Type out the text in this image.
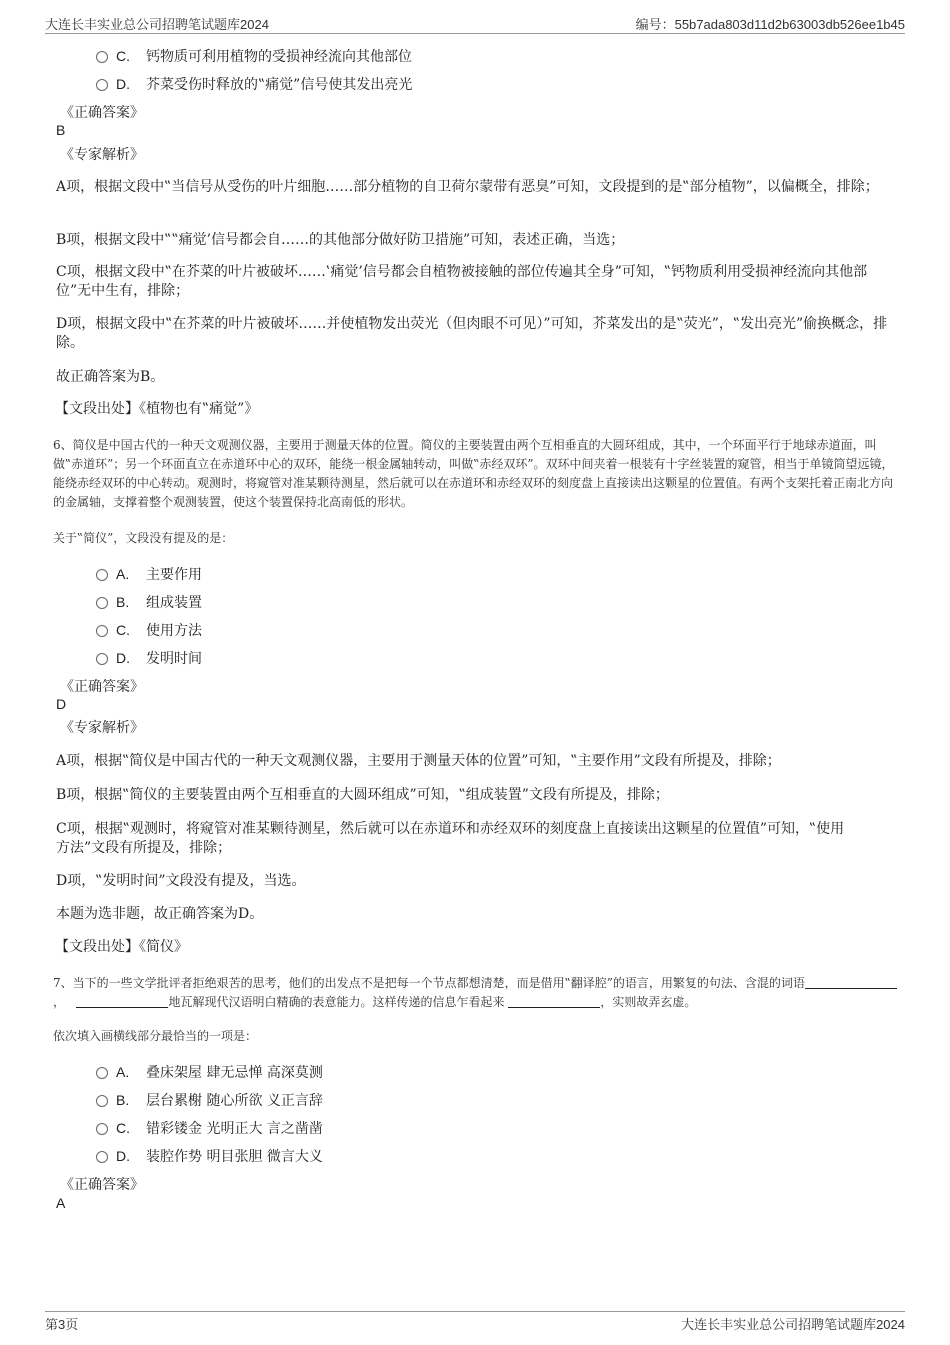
大连长丰实业总公司招聘笔试题库2024	编号：55b7ada803d11d2b63003db526ee1b45
C. 钙物质可利用植物的受损神经流向其他部位
D. 芥菜受伤时释放的‟痛觉”信号使其发出亮光
《正确答案》
B
《专家解析》
A项，根据文段中‟当信号从受伤的叶片细胞……部分植物的自卫荷尔蒙带有恶臭”可知，文段提到的是‟部分植物”，以偏概全，排除；
B项，根据文段中‟‟痛觉’信号都会自……的其他部分做好防卫措施”可知，表述正确，当选；
C项，根据文段中‟在芥菜的叶片被破坏……‛痛觉’信号都会自植物被接触的部位传遍其全身”可知，‟钙物质利用受损神经流向其他部位”无中生有，排除；
D项，根据文段中‟在芥菜的叶片被破坏……并使植物发出荧光（但肉眼不可见）”可知，芥菜发出的是‟荧光”，‟发出亮光”偷换概念，排除。
故正确答案为B。
【文段出处】《植物也有‟痛觉”》
6、简仪是中国古代的一种天文观测仪器，主要用于测量天体的位置。简仪的主要装置由两个互相垂直的大圆环组成，其中，一个环面平行于地球赤道面，叫做‟赤道环”；另一个环面直立在赤道环中心的双环，能绕一根金属轴转动，叫做‟赤经双环”。双环中间夹着一根装有十字丝装置的窥管，相当于单镜筒望远镜，能绕赤经双环的中心转动。观测时，将窥管对准某颗待测星，然后就可以在赤道环和赤经双环的刻度盘上直接读出这颗星的位置值。有两个支架托着正南北方向的金属轴，支撑着整个观测装置，使这个装置保持北高南低的形状。
关于‟简仪”，文段没有提及的是：
A. 主要作用
B. 组成装置
C. 使用方法
D. 发明时间
《正确答案》
D
《专家解析》
A项，根据‟简仪是中国古代的一种天文观测仪器，主要用于测量天体的位置”可知，‟主要作用”文段有所提及，排除；
B项，根据‟简仪的主要装置由两个互相垂直的大圆环组成”可知，‟组成装置”文段有所提及，排除；
C项，根据‟观测时，将窥管对准某颗待测星，然后就可以在赤道环和赤经双环的刻度盘上直接读出这颗星的位置值”可知，‟使用方法”文段有所提及，排除；
D项，‟发明时间”文段没有提及，当选。
本题为选非题，故正确答案为D。
【文段出处】《简仪》
7、当下的一些文学批评者拒绝艰苦的思考，他们的出发点不是把每一个节点都想清楚，而是借用‟翻译腔”的语言，用繁复的句法、含混的词语，	地瓦解现代汉语明白精确的表意能力。这样传递的信息乍看起来	，实则故弄玄虚。
依次填入画横线部分最恰当的一项是：
A. 叠床架屋 肆无忌惮 高深莫测
B. 层台累榭 随心所欲 义正言辞
C. 错彩镂金 光明正大 言之凿凿
D. 装腔作势 明目张胆 微言大义
《正确答案》
A
第3页	大连长丰实业总公司招聘笔试题库2024
